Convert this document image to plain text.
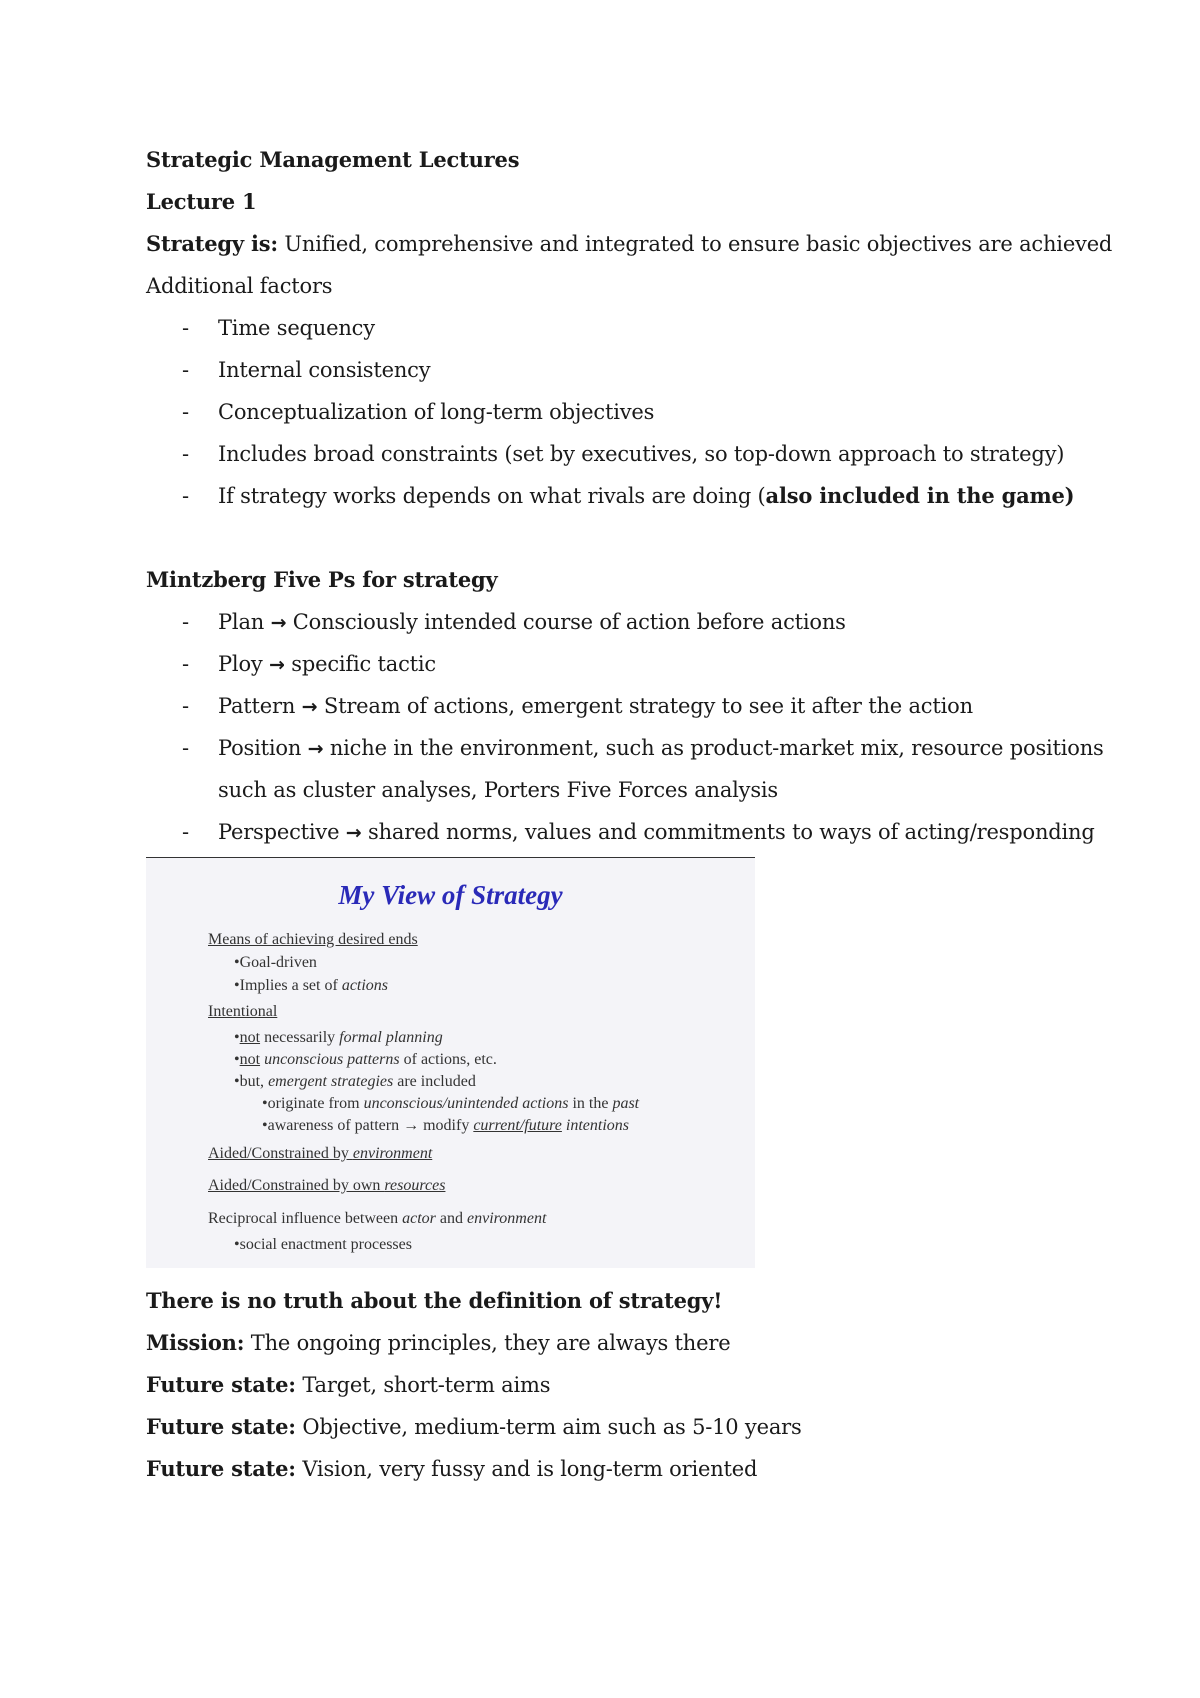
Strategic Management Lectures
Lecture 1
Strategy is: Unified, comprehensive and integrated to ensure basic objectives are achieved
Additional factors
- Time sequency
- Internal consistency
- Conceptualization of long-term objectives
- Includes broad constraints (set by executives, so top-down approach to strategy)
- If strategy works depends on what rivals are doing (also included in the game)
Mintzberg Five Ps for strategy
- Plan → Consciously intended course of action before actions
- Ploy → specific tactic
- Pattern → Stream of actions, emergent strategy to see it after the action
- Position → niche in the environment, such as product-market mix, resource positions
such as cluster analyses, Porters Five Forces analysis
- Perspective → shared norms, values and commitments to ways of acting/responding
My View of Strategy
Means of achieving desired ends
• Goal-driven
• Implies a set of actions
Intentional
• not necessarily formal planning
• not unconscious patterns of actions, etc.
• but, emergent strategies are included
• originate from unconscious/unintended actions in the past
• awareness of pattern → modify current/future intentions
Aided/Constrained by environment
Aided/Constrained by own resources
Reciprocal influence between actor and environment
• social enactment processes
There is no truth about the definition of strategy!
Mission: The ongoing principles, they are always there
Future state: Target, short-term aims
Future state: Objective, medium-term aim such as 5-10 years
Future state: Vision, very fussy and is long-term oriented
